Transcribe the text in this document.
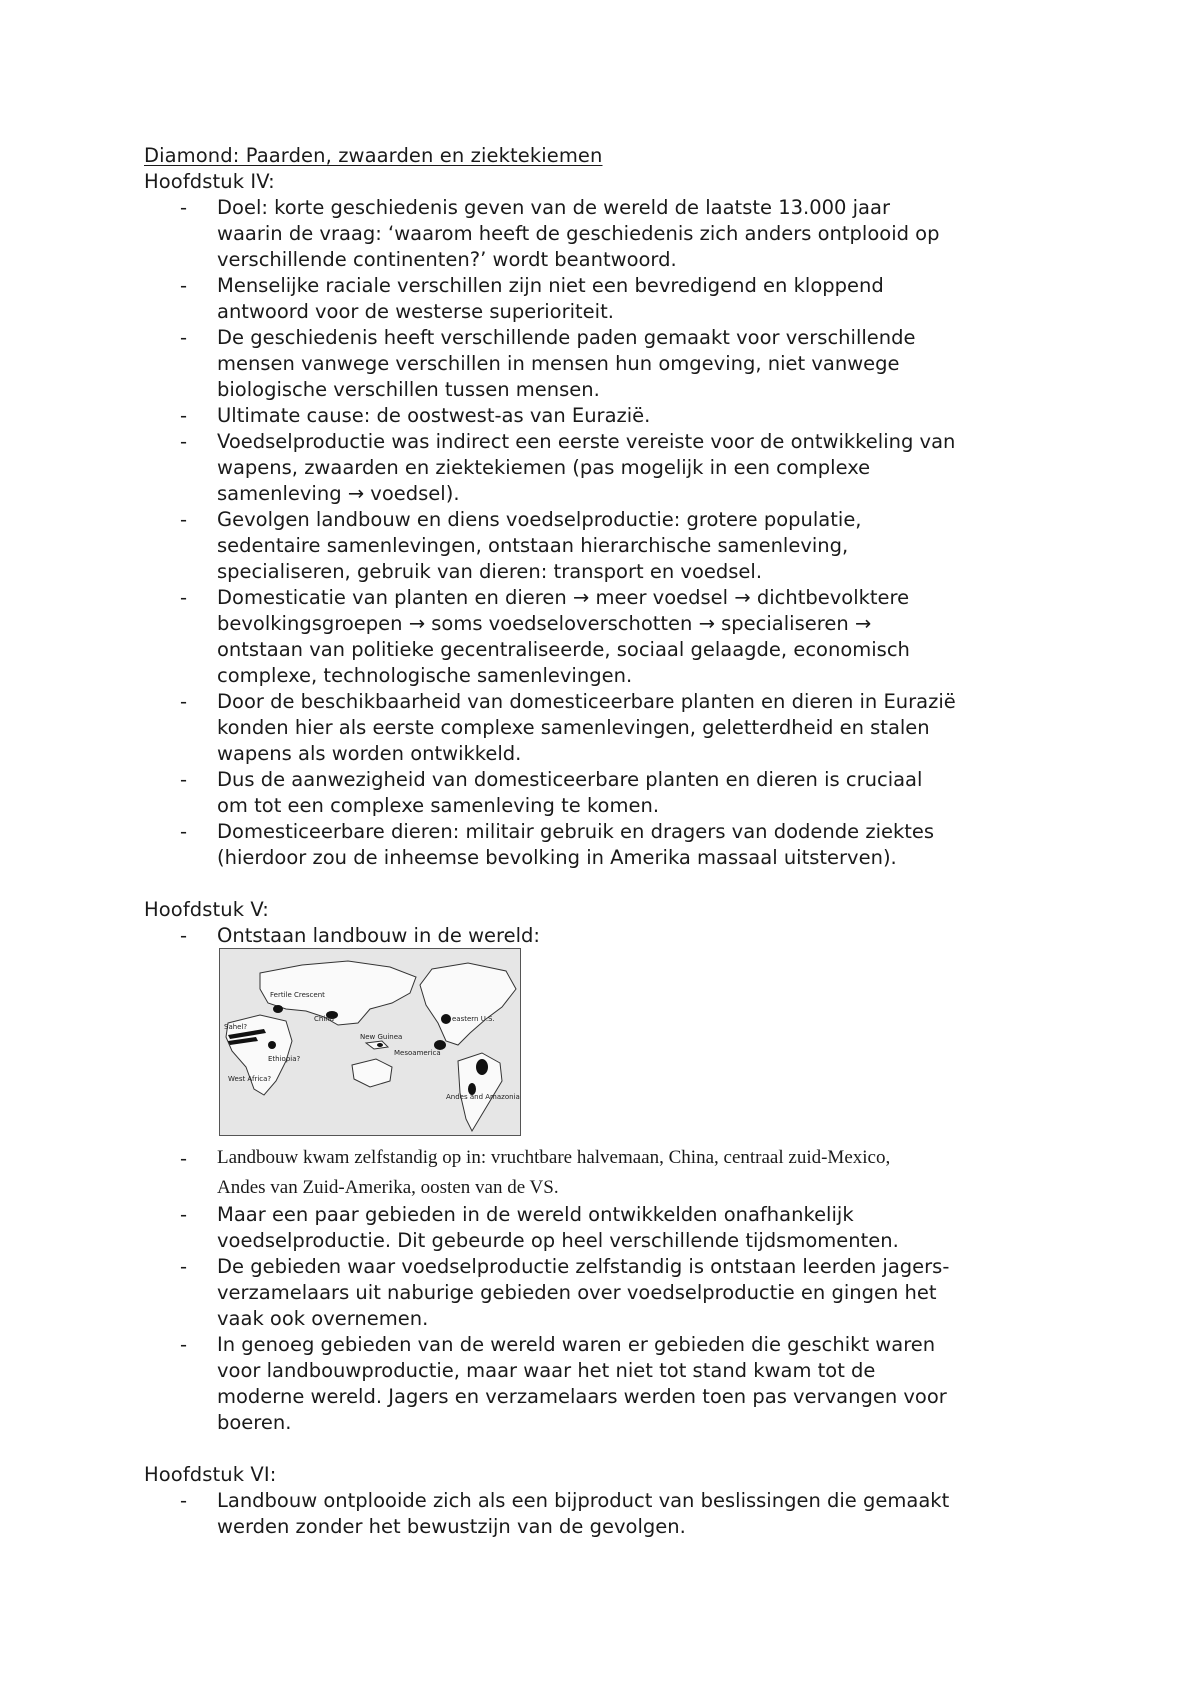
Diamond: Paarden, zwaarden en ziektekiemen
Hoofdstuk IV:
- Doel: korte geschiedenis geven van de wereld de laatste 13.000 jaar
waarin de vraag: ‘waarom heeft de geschiedenis zich anders ontplooid op
verschillende continenten?’ wordt beantwoord.
- Menselijke raciale verschillen zijn niet een bevredigend en kloppend
antwoord voor de westerse superioriteit.
- De geschiedenis heeft verschillende paden gemaakt voor verschillende
mensen vanwege verschillen in mensen hun omgeving, niet vanwege
biologische verschillen tussen mensen.
- Ultimate cause: de oostwest-as van Eurazië.
- Voedselproductie was indirect een eerste vereiste voor de ontwikkeling van
wapens, zwaarden en ziektekiemen (pas mogelijk in een complexe
samenleving → voedsel).
- Gevolgen landbouw en diens voedselproductie: grotere populatie,
sedentaire samenlevingen, ontstaan hierarchische samenleving,
specialiseren, gebruik van dieren: transport en voedsel.
- Domesticatie van planten en dieren → meer voedsel → dichtbevolktere
bevolkingsgroepen → soms voedseloverschotten → specialiseren →
ontstaan van politieke gecentraliseerde, sociaal gelaagde, economisch
complexe, technologische samenlevingen.
- Door de beschikbaarheid van domesticeerbare planten en dieren in Eurazië
konden hier als eerste complexe samenlevingen, geletterdheid en stalen
wapens als worden ontwikkeld.
- Dus de aanwezigheid van domesticeerbare planten en dieren is cruciaal
om tot een complexe samenleving te komen.
- Domesticeerbare dieren: militair gebruik en dragers van dodende ziektes
(hierdoor zou de inheemse bevolking in Amerika massaal uitsterven).
Hoofdstuk V:
- Ontstaan landbouw in de wereld:
Fertile Crescent
China
Sahel?
Ethiopia?
West Africa?
New Guinea
Mesoamerica
eastern U.S.
Andes and Amazonia
- Landbouw kwam zelfstandig op in: vruchtbare halvemaan, China, centraal zuid-Mexico,
Andes van Zuid-Amerika, oosten van de VS.
- Maar een paar gebieden in de wereld ontwikkelden onafhankelijk
voedselproductie. Dit gebeurde op heel verschillende tijdsmomenten.
- De gebieden waar voedselproductie zelfstandig is ontstaan leerden jagers-
verzamelaars uit naburige gebieden over voedselproductie en gingen het
vaak ook overnemen.
- In genoeg gebieden van de wereld waren er gebieden die geschikt waren
voor landbouwproductie, maar waar het niet tot stand kwam tot de
moderne wereld. Jagers en verzamelaars werden toen pas vervangen voor
boeren.
Hoofdstuk VI:
- Landbouw ontplooide zich als een bijproduct van beslissingen die gemaakt
werden zonder het bewustzijn van de gevolgen.
